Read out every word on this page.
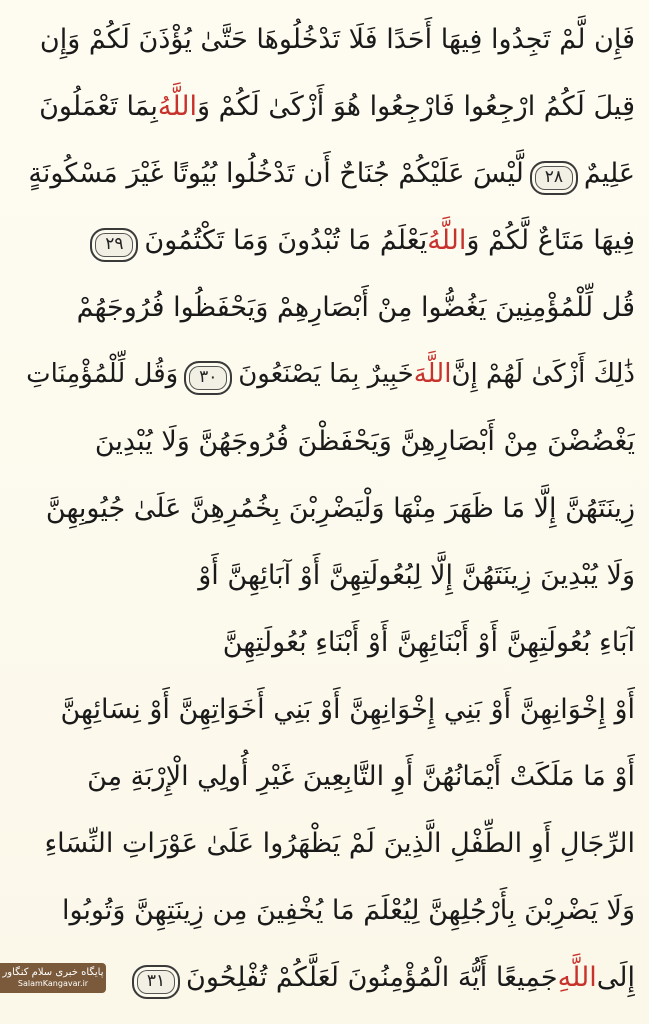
فَإِن لَّمْ تَجِدُوا فِيهَا أَحَدًا فَلَا تَدْخُلُوهَا حَتَّىٰ يُؤْذَنَ لَكُمْ وَإِن
قِيلَ لَكُمُ ارْجِعُوا فَارْجِعُوا هُوَ أَزْكَىٰ لَكُمْ وَاللَّهُبِمَا تَعْمَلُونَ
عَلِيمٌ٢٨لَّيْسَ عَلَيْكُمْ جُنَاحٌ أَن تَدْخُلُوا بُيُوتًا غَيْرَ مَسْكُونَةٍ
فِيهَا مَتَاعٌ لَّكُمْ وَاللَّهُيَعْلَمُ مَا تُبْدُونَ وَمَا تَكْتُمُونَ٢٩
قُل لِّلْمُؤْمِنِينَ يَغُضُّوا مِنْ أَبْصَارِهِمْ وَيَحْفَظُوا فُرُوجَهُمْ
ذَٰلِكَ أَزْكَىٰ لَهُمْ إِنَّاللَّهَخَبِيرٌ بِمَا يَصْنَعُونَ٣٠وَقُل لِّلْمُؤْمِنَاتِ
يَغْضُضْنَ مِنْ أَبْصَارِهِنَّ وَيَحْفَظْنَ فُرُوجَهُنَّ وَلَا يُبْدِينَ
زِينَتَهُنَّ إِلَّا مَا ظَهَرَ مِنْهَا وَلْيَضْرِبْنَ بِخُمُرِهِنَّ عَلَىٰ جُيُوبِهِنَّ
وَلَا يُبْدِينَ زِينَتَهُنَّ إِلَّا لِبُعُولَتِهِنَّ أَوْ آبَائِهِنَّ أَوْ
آبَاءِ بُعُولَتِهِنَّ أَوْ أَبْنَائِهِنَّ أَوْ أَبْنَاءِ بُعُولَتِهِنَّ
أَوْ إِخْوَانِهِنَّ أَوْ بَنِي إِخْوَانِهِنَّ أَوْ بَنِي أَخَوَاتِهِنَّ أَوْ نِسَائِهِنَّ
أَوْ مَا مَلَكَتْ أَيْمَانُهُنَّ أَوِ التَّابِعِينَ غَيْرِ أُولِي الْإِرْبَةِ مِنَ
الرِّجَالِ أَوِ الطِّفْلِ الَّذِينَ لَمْ يَظْهَرُوا عَلَىٰ عَوْرَاتِ النِّسَاءِ
وَلَا يَضْرِبْنَ بِأَرْجُلِهِنَّ لِيُعْلَمَ مَا يُخْفِينَ مِن زِينَتِهِنَّ وَتُوبُوا
إِلَىاللَّهِجَمِيعًا أَيُّهَ الْمُؤْمِنُونَ لَعَلَّكُمْ تُفْلِحُونَ٣١
پایگاه خبری سلام کنگاور
SalamKangavar.ir
